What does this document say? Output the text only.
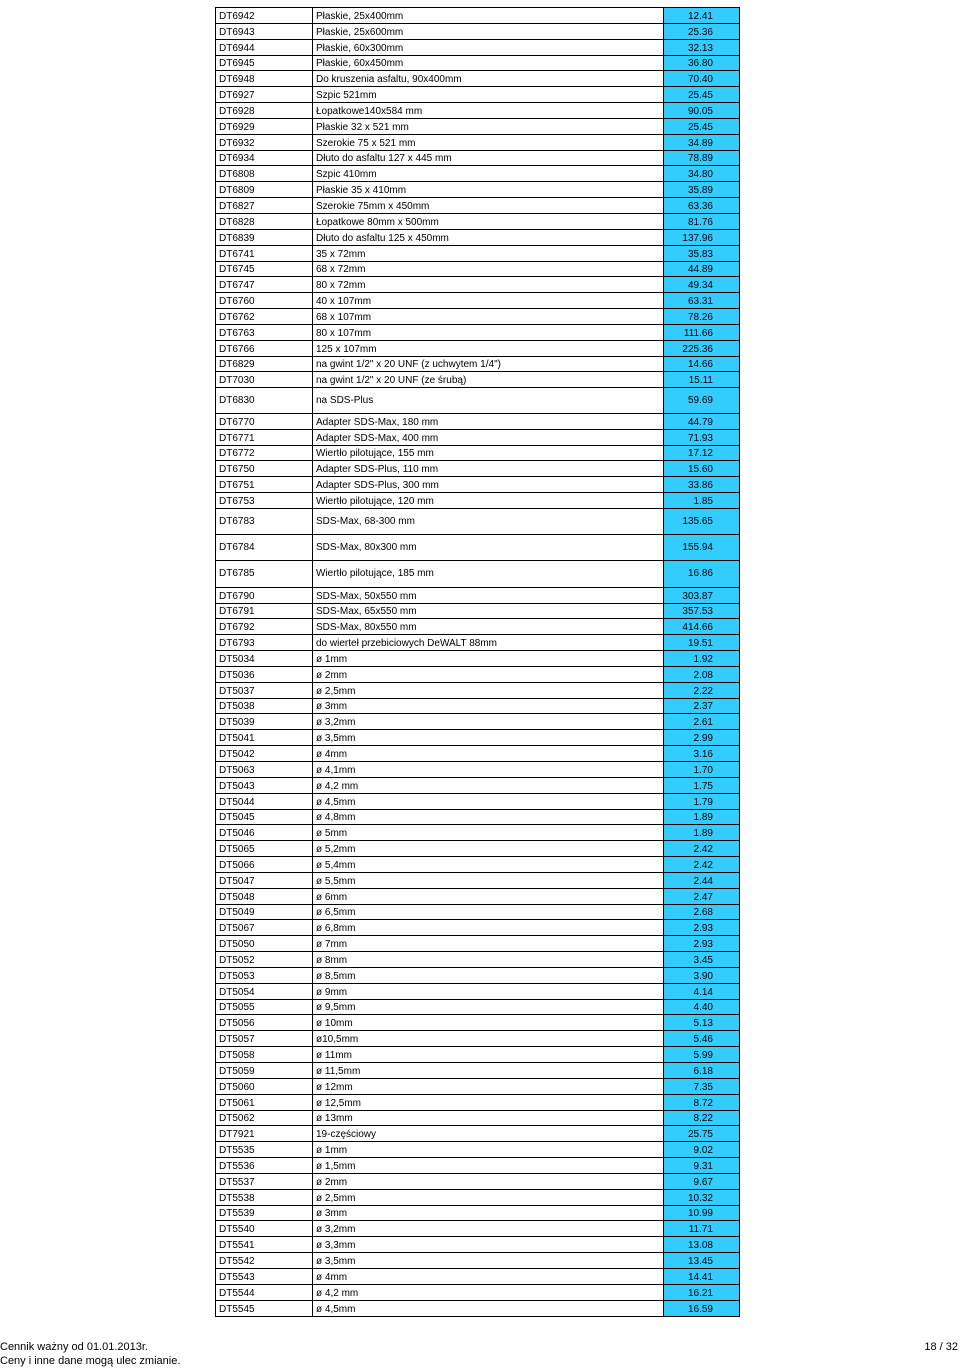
DT6942	Płaskie, 25x400mm	12.41
DT6943	Płaskie, 25x600mm	25.36
DT6944	Płaskie, 60x300mm	32.13
DT6945	Płaskie, 60x450mm	36.80
DT6948	Do kruszenia asfaltu, 90x400mm	70.40
DT6927	Szpic 521mm	25.45
DT6928	Łopatkowe140x584 mm	90.05
DT6929	Płaskie 32 x 521 mm	25.45
DT6932	Szerokie 75 x 521 mm	34.89
DT6934	Dłuto do asfaltu 127 x 445 mm	78.89
DT6808	Szpic 410mm	34.80
DT6809	Płaskie 35 x 410mm	35.89
DT6827	Szerokie 75mm x 450mm	63.36
DT6828	Łopatkowe 80mm x 500mm	81.76
DT6839	Dłuto do asfaltu 125 x 450mm	137.96
DT6741	35 x 72mm	35.83
DT6745	68 x 72mm	44.89
DT6747	80 x 72mm	49.34
DT6760	40 x 107mm	63.31
DT6762	68 x 107mm	78.26
DT6763	80 x 107mm	111.66
DT6766	125 x 107mm	225.36
DT6829	na gwint 1/2" x 20 UNF (z uchwytem 1/4")	14.66
DT7030	na gwint 1/2" x 20 UNF (ze śrubą)	15.11
DT6830	na SDS-Plus	59.69
DT6770	Adapter SDS-Max, 180 mm	44.79
DT6771	Adapter SDS-Max, 400 mm	71.93
DT6772	Wiertło pilotujące, 155 mm	17.12
DT6750	Adapter SDS-Plus, 110 mm	15.60
DT6751	Adapter SDS-Plus, 300 mm	33.86
DT6753	Wiertło pilotujące, 120 mm	1.85
DT6783	SDS-Max, 68-300 mm	135.65
DT6784	SDS-Max, 80x300 mm	155.94
DT6785	Wiertło pilotujące, 185 mm	16.86
DT6790	SDS-Max, 50x550 mm	303.87
DT6791	SDS-Max, 65x550 mm	357.53
DT6792	SDS-Max, 80x550 mm	414.66
DT6793	do wierteł przebiciowych DeWALT 88mm	19.51
DT5034	ø 1mm	1.92
DT5036	ø 2mm	2.08
DT5037	ø 2,5mm	2.22
DT5038	ø 3mm	2.37
DT5039	ø 3,2mm	2.61
DT5041	ø 3,5mm	2.99
DT5042	ø 4mm	3.16
DT5063	ø 4,1mm	1.70
DT5043	ø 4,2 mm	1.75
DT5044	ø 4,5mm	1.79
DT5045	ø 4,8mm	1.89
DT5046	ø 5mm	1.89
DT5065	ø 5,2mm	2.42
DT5066	ø 5,4mm	2.42
DT5047	ø 5,5mm	2.44
DT5048	ø 6mm	2.47
DT5049	ø 6,5mm	2.68
DT5067	ø 6,8mm	2.93
DT5050	ø 7mm	2.93
DT5052	ø 8mm	3.45
DT5053	ø 8,5mm	3.90
DT5054	ø 9mm	4.14
DT5055	ø 9,5mm	4.40
DT5056	ø 10mm	5.13
DT5057	ø10,5mm	5.46
DT5058	ø 11mm	5.99
DT5059	ø 11,5mm	6.18
DT5060	ø 12mm	7.35
DT5061	ø 12,5mm	8.72
DT5062	ø 13mm	8.22
DT7921	19-częściowy	25.75
DT5535	ø 1mm	9.02
DT5536	ø 1,5mm	9.31
DT5537	ø 2mm	9.67
DT5538	ø 2,5mm	10.32
DT5539	ø 3mm	10.99
DT5540	ø 3,2mm	11.71
DT5541	ø 3,3mm	13.08
DT5542	ø 3,5mm	13.45
DT5543	ø 4mm	14.41
DT5544	ø 4,2 mm	16.21
DT5545	ø 4,5mm	16.59
Cennik ważny od 01.01.2013r.
Ceny i inne dane mogą ulec zmianie.
18 / 32
